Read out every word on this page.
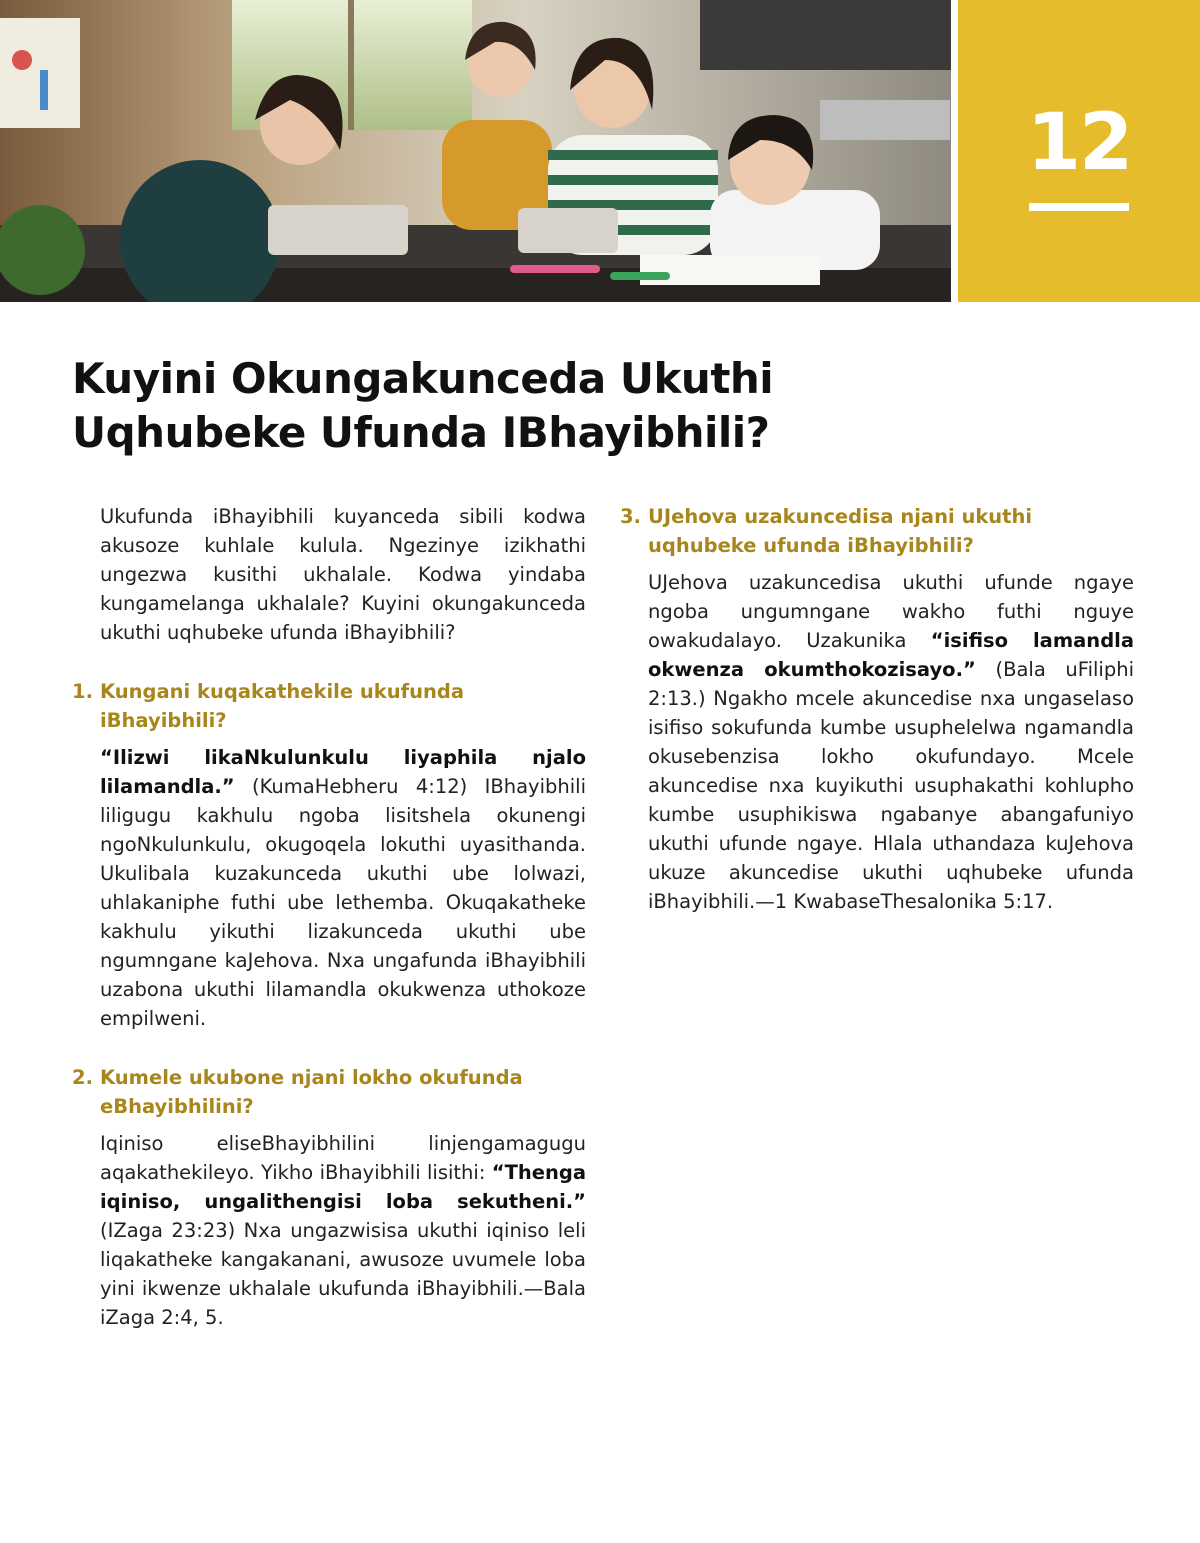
12
Kuyini Okungakunceda Ukuthi
Uqhubeke Ufunda IBhayibhili?

Ukufunda iBhayibhili kuyanceda sibili kodwa akusoze kuhlale kulula. Ngezinye izikhathi ungezwa kusithi ukhalale. Kodwa yindaba kungamelanga ukhalale? Kuyini okungakunceda ukuthi uqhubeke ufunda iBhayibhili?

1. Kungani kuqakathekile ukufunda iBhayibhili?

“Ilizwi likaNkulunkulu liyaphila njalo lilamandla.” (KumaHebheru 4:12) IBhayibhili liligugu kakhulu ngoba lisitshela okunengi ngoNkulunkulu, okugoqela lokuthi uyasithanda. Ukulibala kuzakunceda ukuthi ube lolwazi, uhlakaniphe futhi ube lethemba. Okuqakatheke kakhulu yikuthi lizakunceda ukuthi ube ngumngane kaJehova. Nxa ungafunda iBhayibhili uzabona ukuthi lilamandla okukwenza uthokoze empilweni.

2. Kumele ukubone njani lokho okufunda eBhayibhilini?

Iqiniso eliseBhayibhilini linjengamagugu aqakathekileyo. Yikho iBhayibhili lisithi: “Thenga iqiniso, ungalithengisi loba sekutheni.” (IZaga 23:23) Nxa ungazwisisa ukuthi iqiniso leli liqakatheke kangakanani, awusoze uvumele loba yini ikwenze ukhalale ukufunda iBhayibhili.—Bala iZaga 2:4, 5.

3. UJehova uzakuncedisa njani ukuthi uqhubeke ufunda iBhayibhili?

UJehova uzakuncedisa ukuthi ufunde ngaye ngoba ungumngane wakho futhi nguye owakudalayo. Uzakunika “isifiso lamandla okwenza okumthokozisayo.” (Bala uFiliphi 2:13.) Ngakho mcele akuncedise nxa ungaselaso isifiso sokufunda kumbe usuphelelwa ngamandla okusebenzisa lokho okufundayo. Mcele akuncedise nxa kuyikuthi usuphakathi kohlupho kumbe usuphikiswa ngabanye abangafuniyo ukuthi ufunde ngaye. Hlala uthandaza kuJehova ukuze akuncedise ukuthi uqhubeke ufunda iBhayibhili.—1 KwabaseThesalonika 5:17.
